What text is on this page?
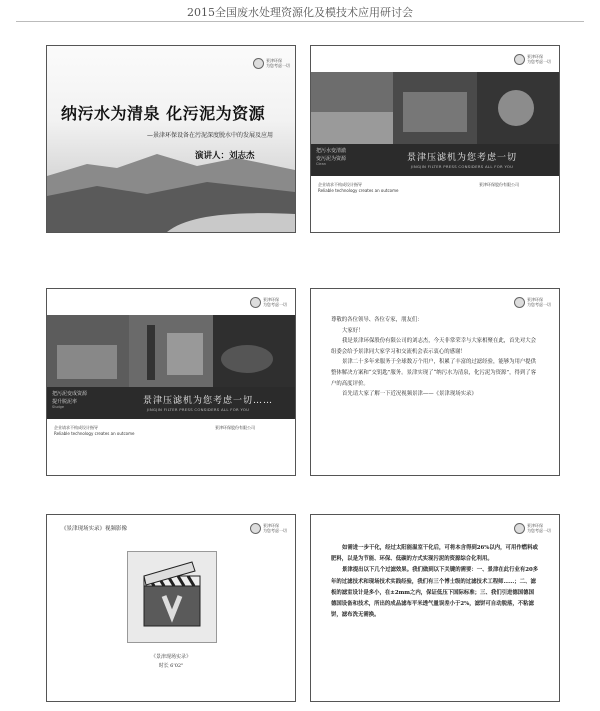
2015全国废水处理资源化及模技术应用研讨会
景津环保
为您考虑一切
纳污水为清泉 化污泥为资源
—景津环保设备在污泥深度脱水中的发展及应用
演讲人：刘志杰
景津环保
为您考虑一切
把污水变清澈
变污泥为资源
Clean
景津压滤机为您考虑一切
JINGJIN FILTER PRESS CONSIDERS ALL FOR YOU
企业请求不构成设计指导
Reliable technology creates an outcome
景津环保股份有限公司
景津环保
为您考虑一切
把污泥变成资源
提升脱泥率
Sludge
景津压滤机为您考虑一切……
JINGJIN FILTER PRESS CONSIDERS ALL FOR YOU
企业请求不构成设计指导
Reliable technology creates an outcome
景津环保股份有限公司
景津环保
为您考虑一切

尊敬的各位领导、各位专家，朋友们：

大家好！

我是景津环保股份有限公司的刘志杰，今天非常荣幸与大家相聚在此，首先对大会组委会给予景津同大家学习和交流机会表示衷心的感谢！

景津二十多年来服务于全球数万个用户，积累了丰富的过滤经验，能够为用户提供整体解决方案和“交钥匙”服务。景津实现了“纳污水为清泉，化污泥为资源”，得到了客户的高度评价。

首先请大家了解一下近况视频景津——《景津现场实录》

景津环保
为您考虑一切
《景津现场实录》视频影像
《景津现场实录》
时长 6'02"
景津环保
为您考虑一切

如需进一步干化，经过太阳能温室干化后，可将本含得到26%以内，可用作燃料或肥料，以是为节能、环保、低碳的方式实现污泥的资源综合化利用。

景津提出以下几个过滤效果。我们做到以下关键的需要：一、景津在此行业有20多年的过滤技术和现场技术实践经验，我们有三个博士级的过滤技术工程师……；二、滤板的滤室设计是多小，在±2mm之内，保证低压下国际标准；三、我们引进德国德国德国设备和技术，所出的成品滤布平米透气量误差小于2%，滤饼可自动脱落，不粘滤饼，滤布洗无需换。
